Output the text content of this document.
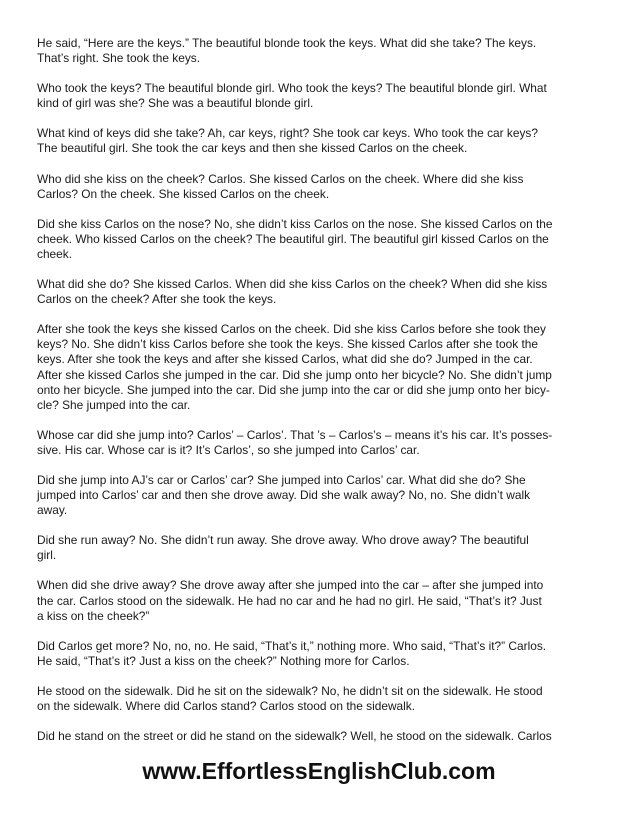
He said, “Here are the keys.” The beautiful blonde took the keys. What did she take? The keys.
That’s right. She took the keys.

Who took the keys? The beautiful blonde girl. Who took the keys? The beautiful blonde girl. What
kind of girl was she? She was a beautiful blonde girl.

What kind of keys did she take? Ah, car keys, right? She took car keys. Who took the car keys?
The beautiful girl. She took the car keys and then she kissed Carlos on the cheek.

Who did she kiss on the cheek? Carlos. She kissed Carlos on the cheek. Where did she kiss
Carlos? On the cheek. She kissed Carlos on the cheek.

Did she kiss Carlos on the nose? No, she didn’t kiss Carlos on the nose. She kissed Carlos on the
cheek. Who kissed Carlos on the cheek? The beautiful girl. The beautiful girl kissed Carlos on the
cheek.

What did she do? She kissed Carlos. When did she kiss Carlos on the cheek? When did she kiss
Carlos on the cheek? After she took the keys.

After she took the keys she kissed Carlos on the cheek. Did she kiss Carlos before she took they
keys? No. She didn’t kiss Carlos before she took the keys. She kissed Carlos after she took the
keys. After she took the keys and after she kissed Carlos, what did she do? Jumped in the car.
After she kissed Carlos she jumped in the car. Did she jump onto her bicycle? No. She didn’t jump
onto her bicycle. She jumped into the car. Did she jump into the car or did she jump onto her bicy-
cle? She jumped into the car.

Whose car did she jump into? Carlos’ – Carlos’. That ’s – Carlos’s – means it’s his car. It’s posses-
sive. His car. Whose car is it? It’s Carlos’, so she jumped into Carlos’ car.

Did she jump into AJ’s car or Carlos’ car? She jumped into Carlos’ car. What did she do? She
jumped into Carlos’ car and then she drove away. Did she walk away? No, no. She didn’t walk
away.

Did she run away? No. She didn’t run away. She drove away. Who drove away? The beautiful
girl.

When did she drive away? She drove away after she jumped into the car – after she jumped into
the car. Carlos stood on the sidewalk. He had no car and he had no girl. He said, “That’s it? Just
a kiss on the cheek?”

Did Carlos get more? No, no, no. He said, “That’s it,” nothing more. Who said, “That’s it?” Carlos.
He said, “That’s it? Just a kiss on the cheek?” Nothing more for Carlos.

He stood on the sidewalk. Did he sit on the sidewalk? No, he didn’t sit on the sidewalk. He stood
on the sidewalk. Where did Carlos stand? Carlos stood on the sidewalk.

Did he stand on the street or did he stand on the sidewalk? Well, he stood on the sidewalk. Carlos

www.EffortlessEnglishClub.com
